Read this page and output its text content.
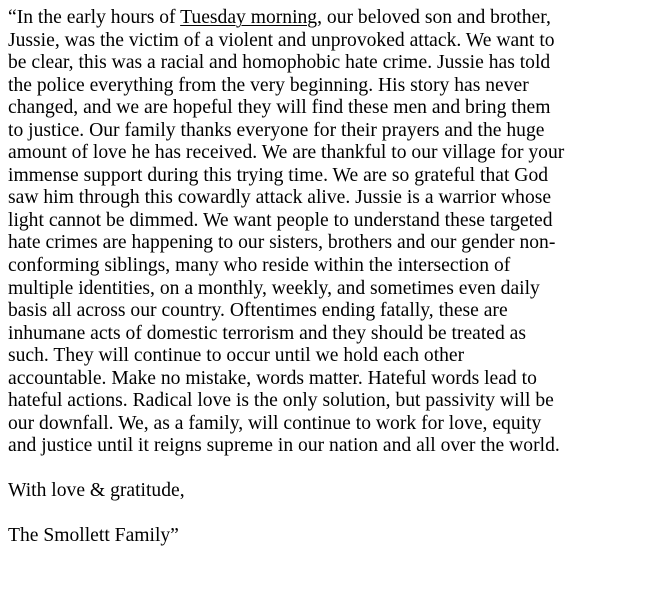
“In the early hours of Tuesday morning, our beloved son and brother,
Jussie, was the victim of a violent and unprovoked attack. We want to
be clear, this was a racial and homophobic hate crime. Jussie has told
the police everything from the very beginning. His story has never
changed, and we are hopeful they will find these men and bring them
to justice. Our family thanks everyone for their prayers and the huge
amount of love he has received. We are thankful to our village for your
immense support during this trying time. We are so grateful that God
saw him through this cowardly attack alive. Jussie is a warrior whose
light cannot be dimmed. We want people to understand these targeted
hate crimes are happening to our sisters, brothers and our gender non-
conforming siblings, many who reside within the intersection of
multiple identities, on a monthly, weekly, and sometimes even daily
basis all across our country. Oftentimes ending fatally, these are
inhumane acts of domestic terrorism and they should be treated as
such. They will continue to occur until we hold each other
accountable. Make no mistake, words matter. Hateful words lead to
hateful actions. Radical love is the only solution, but passivity will be
our downfall. We, as a family, will continue to work for love, equity
and justice until it reigns supreme in our nation and all over the world.

With love & gratitude,

The Smollett Family”
